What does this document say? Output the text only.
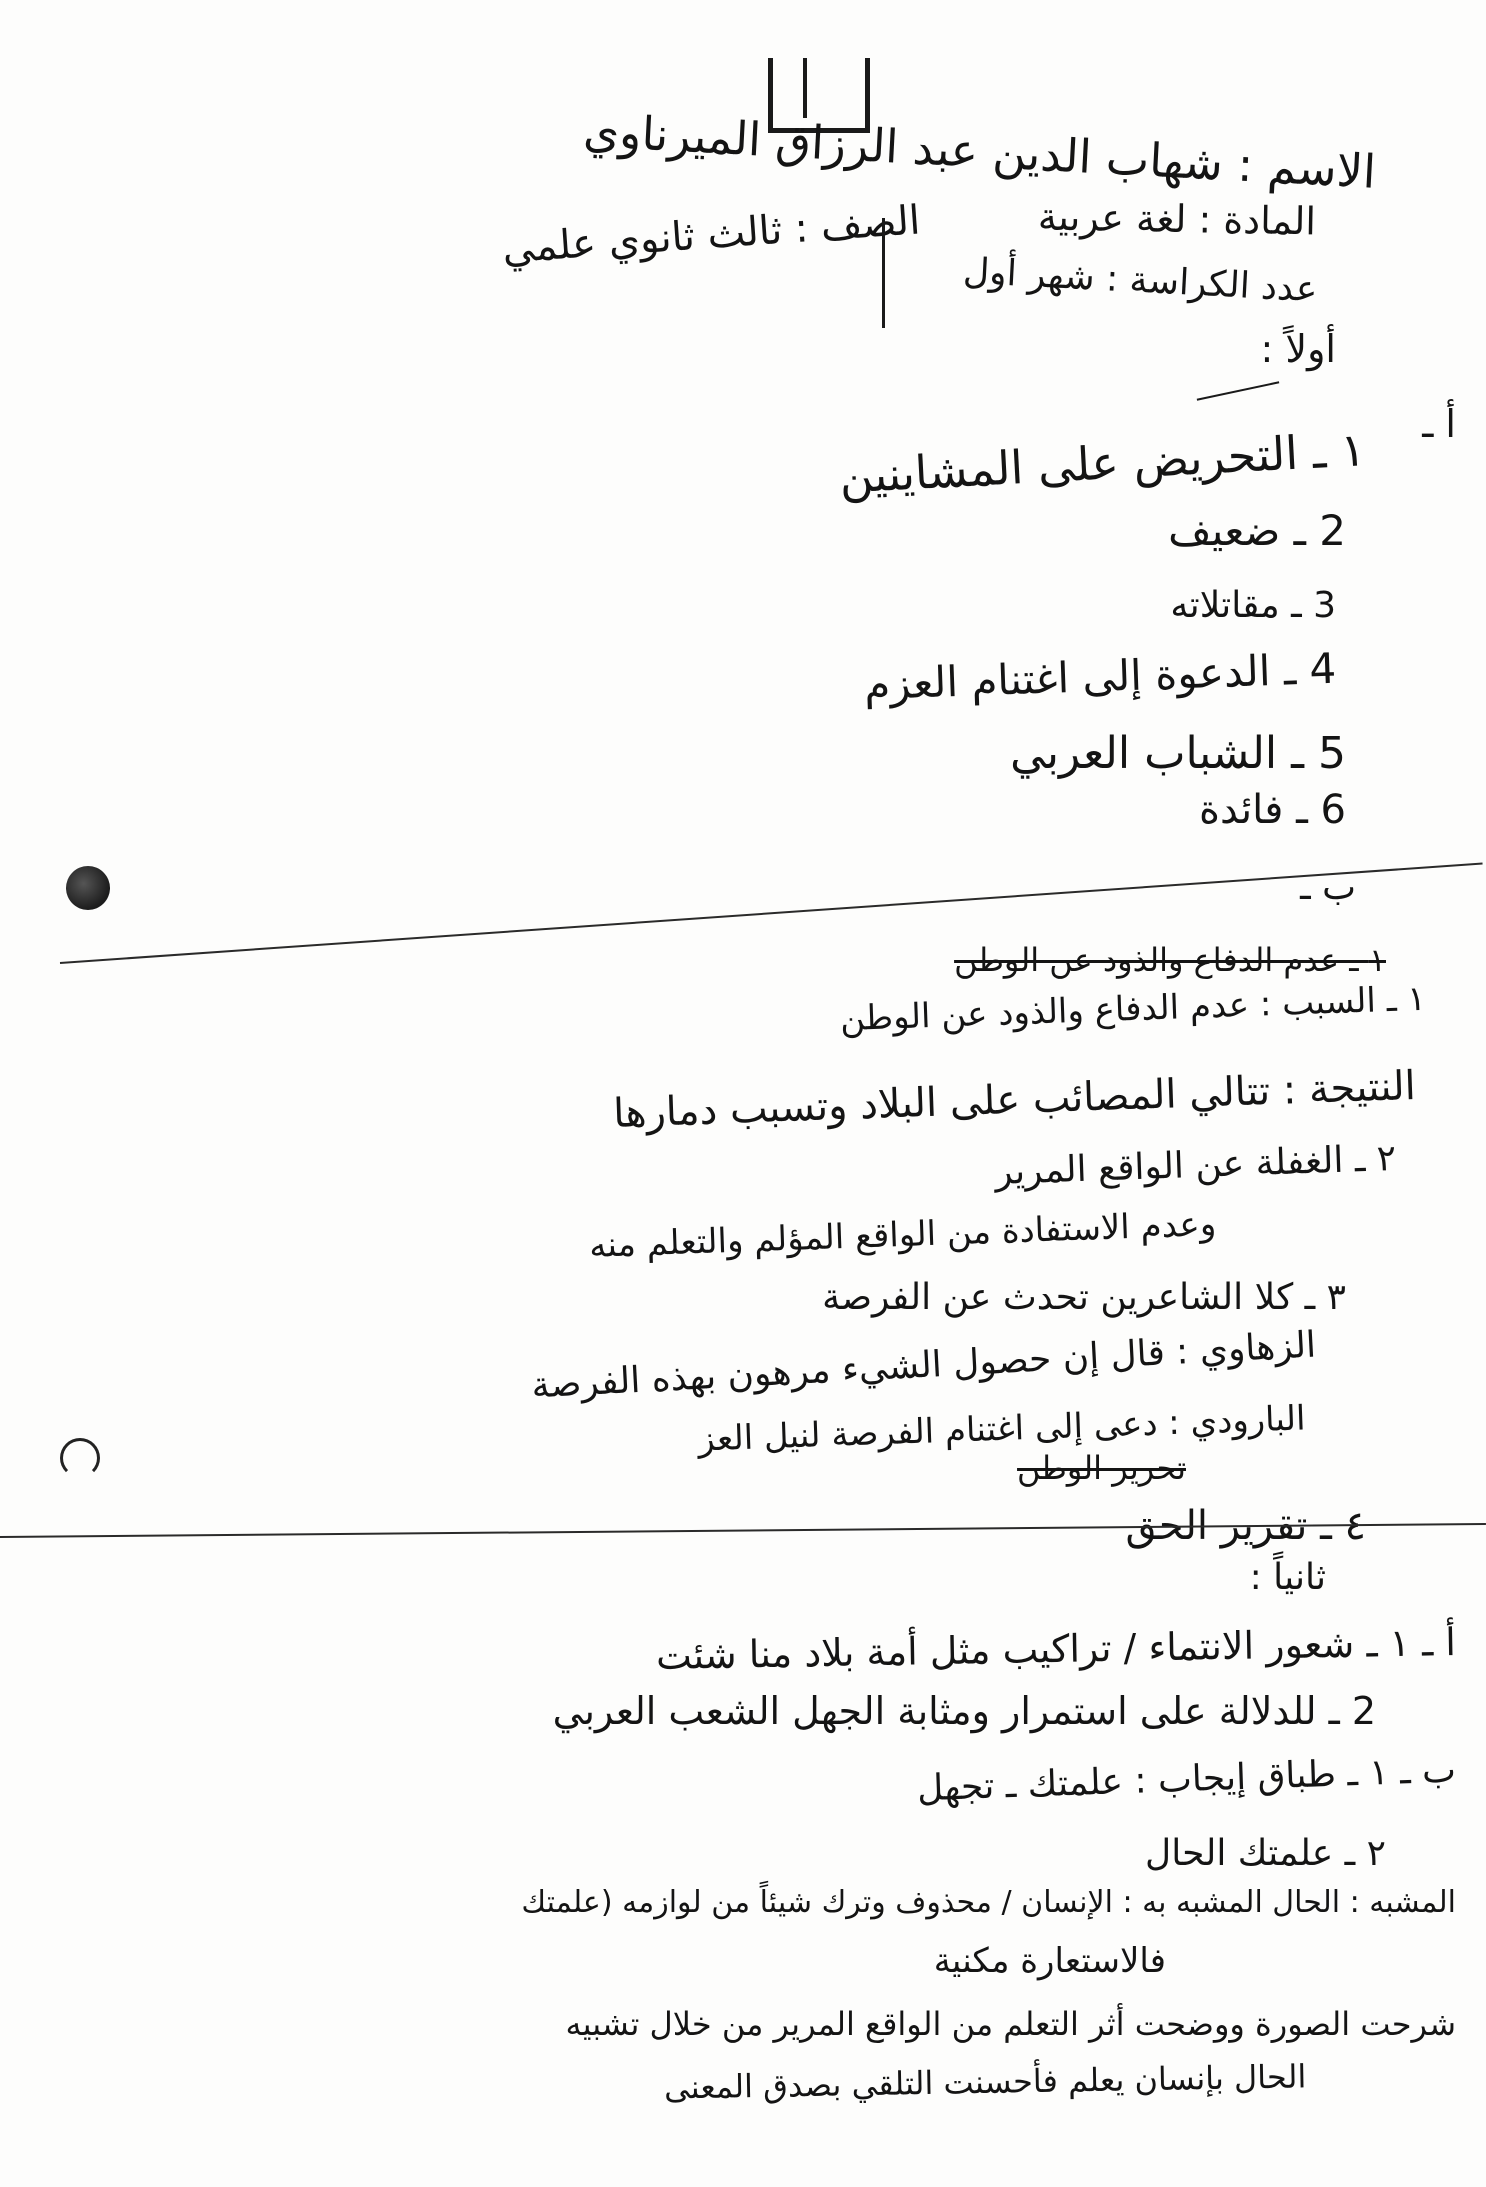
الاسم : شهاب الدين عبد الرزاق الميرناوي
المادة : لغة عربية
الصف : ثالث ثانوي علمي
عدد الكراسة : شهر أول
أولاً :
أ ـ
١ ـ التحريض على المشاينين
2 ـ ضعيف
3 ـ مقاتلاته
4 ـ الدعوة إلى اغتنام العزم
5 ـ الشباب العربي
6 ـ فائدة
ب ـ
١ ـ عدم الدفاع والذود عن الوطن
١ ـ السبب : عدم الدفاع والذود عن الوطن
النتيجة : تتالي المصائب على البلاد وتسبب دمارها
٢ ـ الغفلة عن الواقع المرير
وعدم الاستفادة من الواقع المؤلم والتعلم منه
٣ ـ كلا الشاعرين تحدث عن الفرصة
الزهاوي : قال إن حصول الشيء مرهون بهذه الفرصة
البارودي : دعى إلى اغتنام الفرصة لنيل العز
تحرير الوطن
٤ ـ تقرير الحق
ثانياً :
أ ـ ١ ـ شعور الانتماء / تراكيب مثل أمة بلاد منا شئت
2 ـ للدلالة على استمرار ومثابة الجهل الشعب العربي
ب ـ ١ ـ طباق إيجاب : علمتك ـ تجهل
٢ ـ علمتك الحال
المشبه : الحال المشبه به : الإنسان / محذوف وترك شيئاً من لوازمه (علمتك
فالاستعارة مكنية
شرحت الصورة ووضحت أثر التعلم من الواقع المرير من خلال تشبيه
الحال بإنسان يعلم فأحسنت التلقي بصدق المعنى
